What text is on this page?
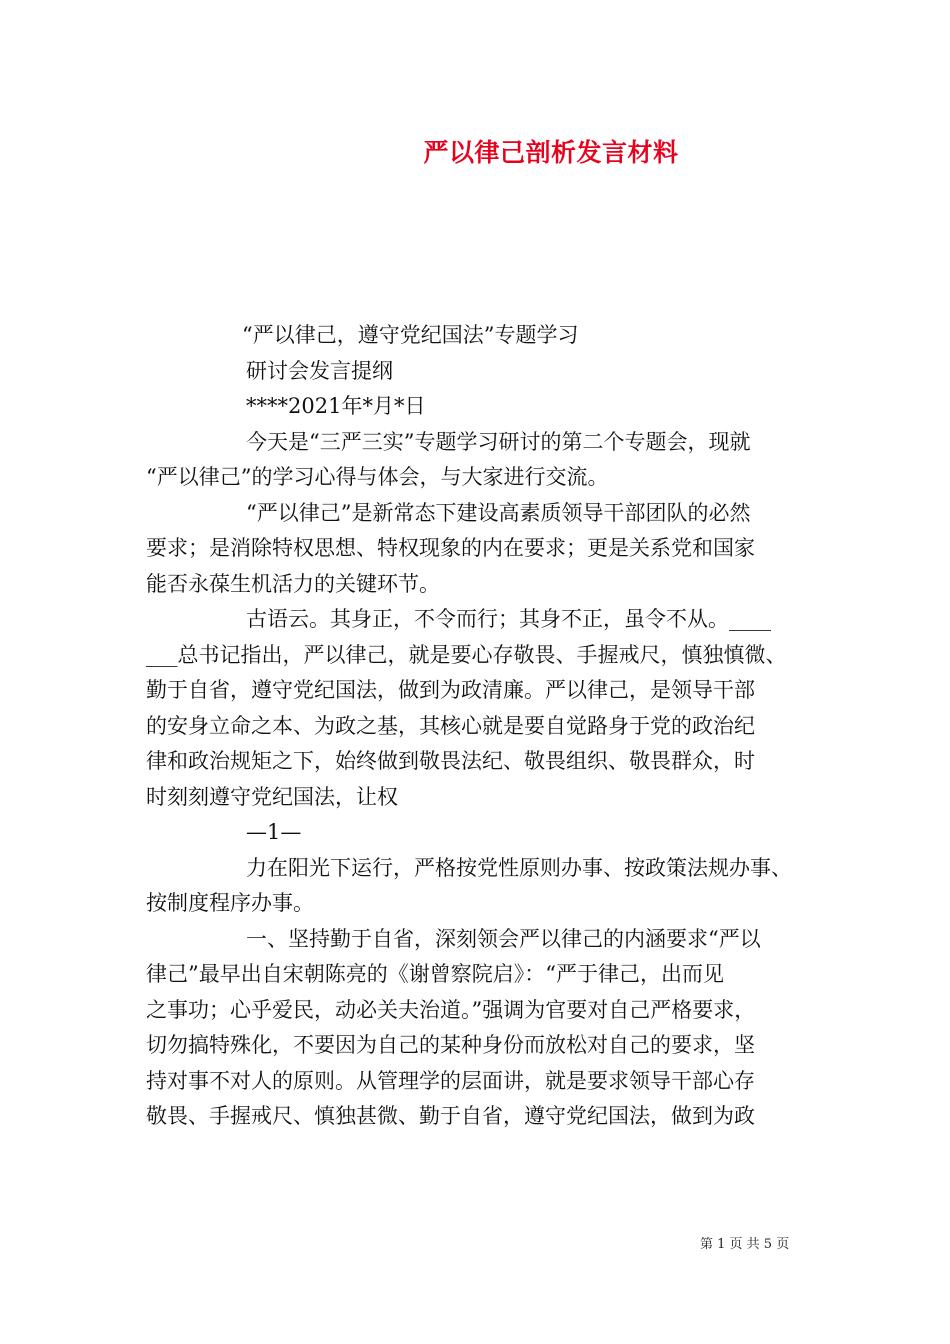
严以律己剖析发言材料
“严以律己，遵守党纪国法”专题学习
研讨会发言提纲
****2021年*月*日
今天是“三严三实”专题学习研讨的第二个专题会，现就
“严以律己”的学习心得与体会，与大家进行交流。
“严以律己”是新常态下建设高素质领导干部团队的必然
要求；是消除特权思想、特权现象的内在要求；更是关系党和国家
能否永葆生机活力的关键环节。
古语云。其身正，不令而行；其身不正，虽令不从。____
___总书记指出，严以律己，就是要心存敬畏、手握戒尺，慎独慎微、
勤于自省，遵守党纪国法，做到为政清廉。严以律己，是领导干部
的安身立命之本、为政之基，其核心就是要自觉路身于党的政治纪
律和政治规矩之下，始终做到敬畏法纪、敬畏组织、敬畏群众，时
时刻刻遵守党纪国法，让权
—1—
力在阳光下运行，严格按党性原则办事、按政策法规办事、
按制度程序办事。
一、坚持勤于自省，深刻领会严以律己的内涵要求“严以
律己”最早出自宋朝陈亮的《谢曾察院启》：“严于律己，出而见
之事功；心乎爱民，动必关夫治道。”强调为官要对自己严格要求，
切勿搞特殊化，不要因为自己的某种身份而放松对自己的要求，坚
持对事不对人的原则。从管理学的层面讲，就是要求领导干部心存
敬畏、手握戒尺、慎独甚微、勤于自省，遵守党纪国法，做到为政
第 1 页 共 5 页
